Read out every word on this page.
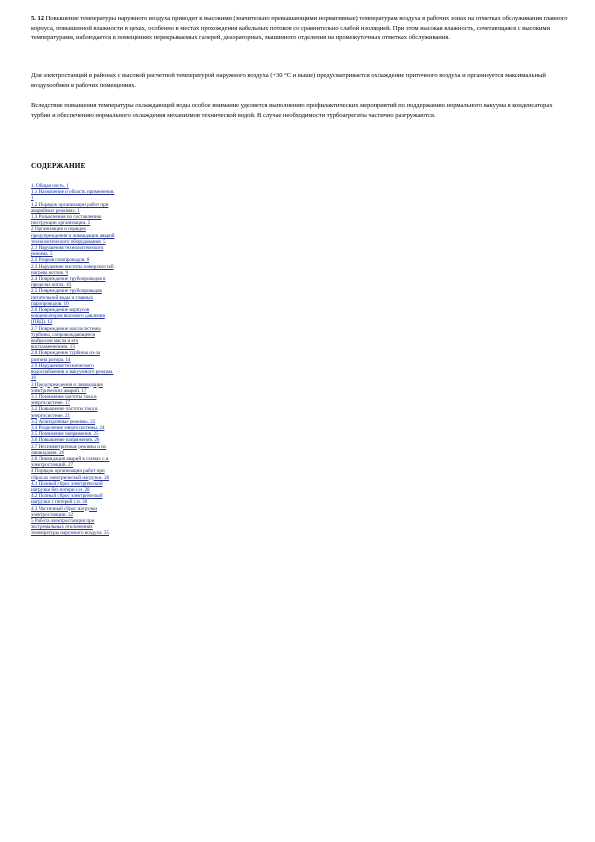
5. 12 Повышение температуры наружного воздуха приводит к высокими (значительно превышающими нормативные) температурам воздуха в рабочих зонах на отметках обслуживания главного корпуса, повышенной влажности в цехах, особенно в местах прохождения кабельных потоков со сравнительно слабой изоляцией. При этом высокая влажность, сочетающаяся с высокими температурами, наблюдается в помещениях перекрываемых галерей, деаэраторных, машинного отделения на промежуточных отметках обслуживания.

Для электростанций в районах с высокой расчетной температурой наружного воздуха (+30 °С и выше) предусматривается охлаждение приточного воздуха и организуется максимальный воздухообмен в рабочих помещениях.

Вследствие повышения температуры охлаждающей воды особое внимание уделяется выполнению профилактических мероприятий по поддержанию нормального вакуума в конденсаторах турбин и обеспечению нормального охлаждения механизмов технической водой. В случае необходимости турбоагрегаты частично разгружаются.

СОДЕРЖАНИЕ
1. Общая часть. 1
1.1 Назначение и область применения. 1
1.2 Порядок организации работ при аварийных режимах. 1
1.3 Разъяснения по составлению инструкции организации. 5
2 Организация и порядок предупреждения и ликвидации аварий технологического оборудования. 5
2.1 Нарушения технологического режима. 5
2.2 Разрыв газопроводов. 8
2.3 Нарушение чистоты поверхностей нагрева котлов. 9
2.4 Повреждение трубопроводов в пределах котла. 10
2.5 Повреждение трубопроводов питательной воды и главных паропроводов. 10
2.6 Повреждение корпусов конденсаторов высокого давления (ПВД). 12
2.7 Повреждение маслосистемы турбины, сопровождающееся выбросом масла и его воспламенением. 13
2.8 Повреждение турбины из-за разгона ротора. 14
2.9 Нарушения технического водоснабжения и вакуумного режима. 16
3 Предупреждения и ликвидация электрических аварий. 17
3.1 Понижение частоты тока в энергосистеме. 17
3.2 Повышение частоты тока в энергосистеме. 21
3.3 Асинхронные режимы. 22
3.4 Разделение энергосистемы. 24
3.5 Понижение напряжения. 25
3.6 Повышение напряжения. 26
3.7 Несимметричные режимы и их ликвидация. 26
3.8 Ликвидация аварий в схемах с.н. электростанций. 27
4 Порядок организации работ при сбросах электрической нагрузки. 28
4.1 Полный сброс электрической нагрузки без потери с.н. 28
4.2 Полный сброс электрической нагрузки с потерей с.н. 30
4.3 Частичный сброс нагрузки электростанции. 32
5 Работа электростанции при экстремальных отклонениях температуры наружного воздуха. 35
